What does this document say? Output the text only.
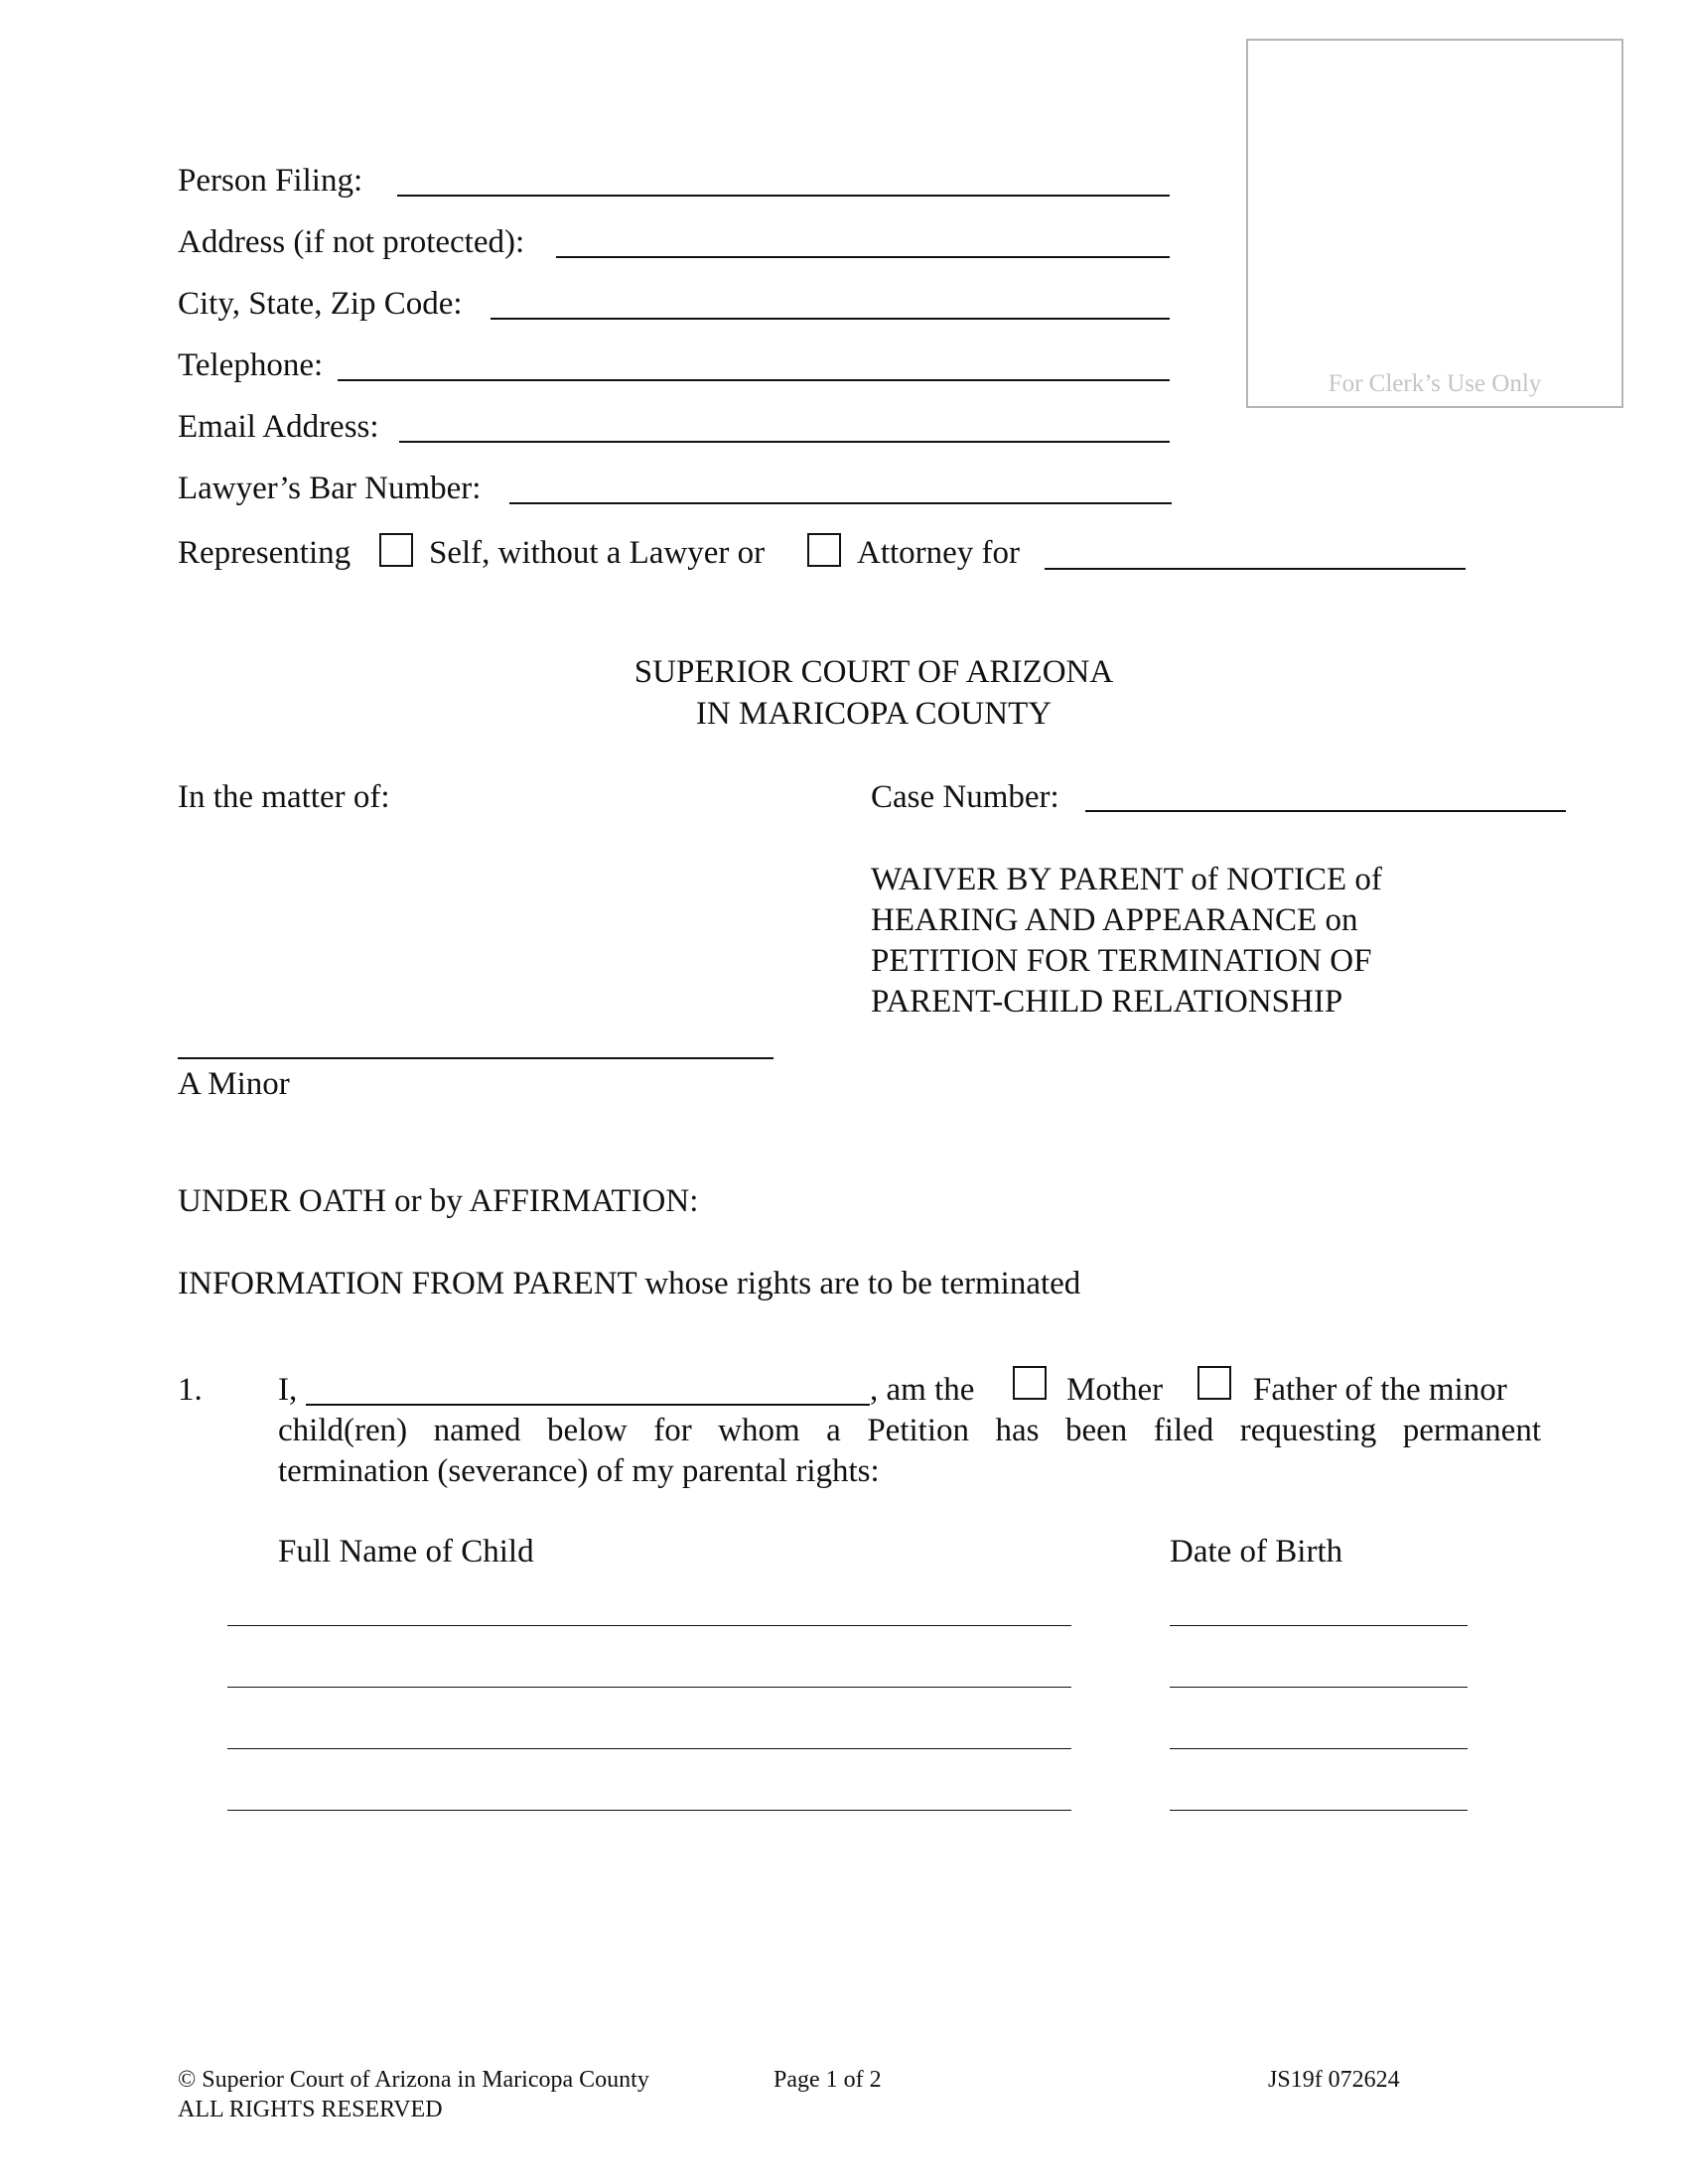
For Clerk’s Use Only
Person Filing:
Address (if not protected):
City, State, Zip Code:
Telephone:
Email Address:
Lawyer’s Bar Number:
Representing Self, without a Lawyer or	Attorney for
SUPERIOR COURT OF ARIZONA
IN MARICOPA COUNTY
In the matter of:	Case Number:
WAIVER BY PARENT of NOTICE of
HEARING AND APPEARANCE on
PETITION FOR TERMINATION OF
PARENT-CHILD RELATIONSHIP
A Minor
UNDER OATH or by AFFIRMATION:
INFORMATION FROM PARENT whose rights are to be terminated
1. I,	, am the	Mother	Father of the minor
child(ren) named below for whom a Petition has been filed requesting permanent
termination (severance) of my parental rights:
Full Name of Child	Date of Birth
© Superior Court of Arizona in Maricopa County
ALL RIGHTS RESERVED
Page 1 of 2	JS19f 072624
